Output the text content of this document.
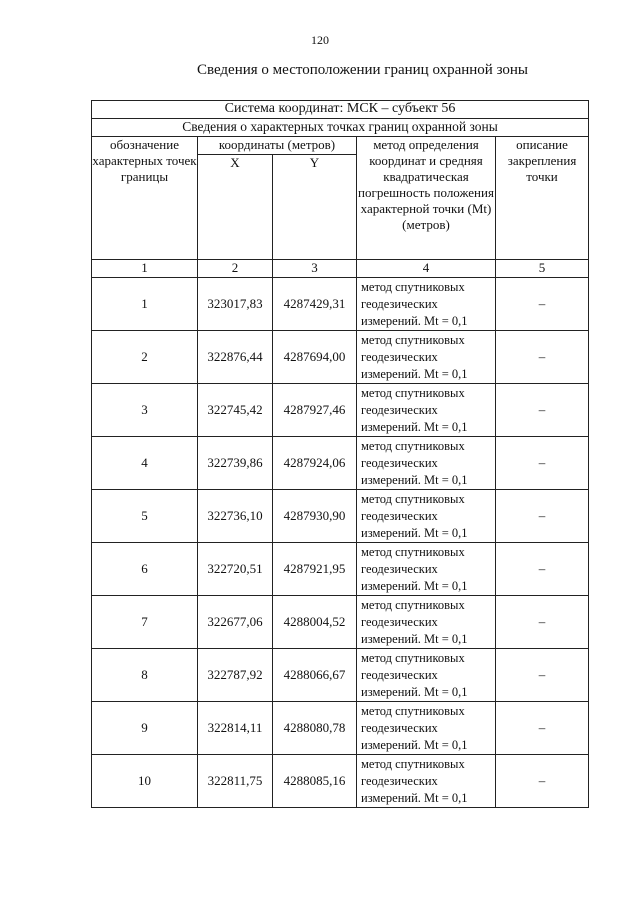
120
Сведения о местоположении границ охранной зоны
Система координат: МСК – субъект 56				
Сведения о характерных точках границ охранной зоны				
обозначение характерных точек границы	координаты (метров)		метод определения координат и средняя квадратическая погрешность положения характерной точки (Mt) (метров)	описание закрепления точки
	X	Y		
1	2	3	4	5
1	323017,83	4287429,31	метод спутниковых геодезических измерений. Mt = 0,1	–
2	322876,44	4287694,00	метод спутниковых геодезических измерений. Mt = 0,1	–
3	322745,42	4287927,46	метод спутниковых геодезических измерений. Mt = 0,1	–
4	322739,86	4287924,06	метод спутниковых геодезических измерений. Mt = 0,1	–
5	322736,10	4287930,90	метод спутниковых геодезических измерений. Mt = 0,1	–
6	322720,51	4287921,95	метод спутниковых геодезических измерений. Mt = 0,1	–
7	322677,06	4288004,52	метод спутниковых геодезических измерений. Mt = 0,1	–
8	322787,92	4288066,67	метод спутниковых геодезических измерений. Mt = 0,1	–
9	322814,11	4288080,78	метод спутниковых геодезических измерений. Mt = 0,1	–
10	322811,75	4288085,16	метод спутниковых геодезических измерений. Mt = 0,1	–
